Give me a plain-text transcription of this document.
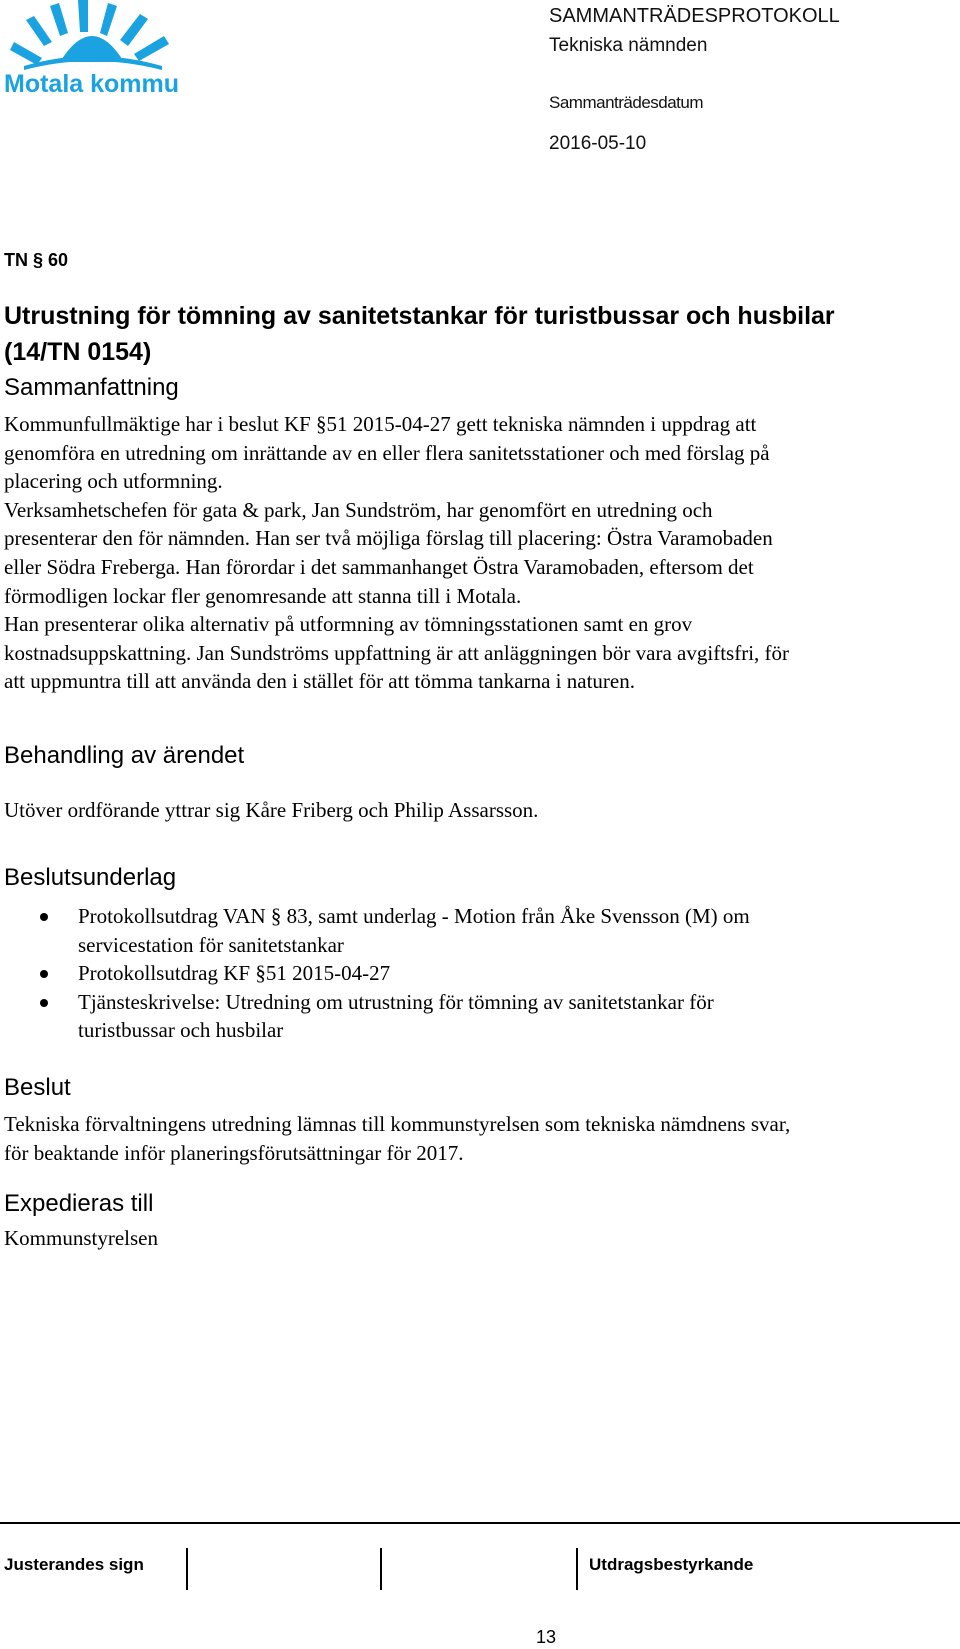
Motala kommun
SAMMANTRÄDESPROTOKOLL
Tekniska nämnden
Sammanträdesdatum
2016-05-10
TN § 60
Utrustning för tömning av sanitetstankar för turistbussar och husbilar
(14/TN 0154)
Sammanfattning
Kommunfullmäktige har i beslut KF §51 2015-04-27 gett tekniska nämnden i uppdrag att
genomföra en utredning om inrättande av en eller flera sanitetsstationer och med förslag på
placering och utformning.
Verksamhetschefen för gata & park, Jan Sundström, har genomfört en utredning och
presenterar den för nämnden. Han ser två möjliga förslag till placering: Östra Varamobaden
eller Södra Freberga. Han förordar i det sammanhanget Östra Varamobaden, eftersom det
förmodligen lockar fler genomresande att stanna till i Motala.
Han presenterar olika alternativ på utformning av tömningsstationen samt en grov
kostnadsuppskattning. Jan Sundströms uppfattning är att anläggningen bör vara avgiftsfri, för
att uppmuntra till att använda den i stället för att tömma tankarna i naturen.
Behandling av ärendet
Utöver ordförande yttrar sig Kåre Friberg och Philip Assarsson.
Beslutsunderlag
Protokollsutdrag VAN § 83, samt underlag - Motion från Åke Svensson (M) om
servicestation för sanitetstankar
Protokollsutdrag KF §51 2015-04-27
Tjänsteskrivelse: Utredning om utrustning för tömning av sanitetstankar för
turistbussar och husbilar
Beslut
Tekniska förvaltningens utredning lämnas till kommunstyrelsen som tekniska nämdnens svar,
för beaktande inför planeringsförutsättningar för 2017.
Expedieras till
Kommunstyrelsen
Justerandes sign	Utdragsbestyrkande
13
